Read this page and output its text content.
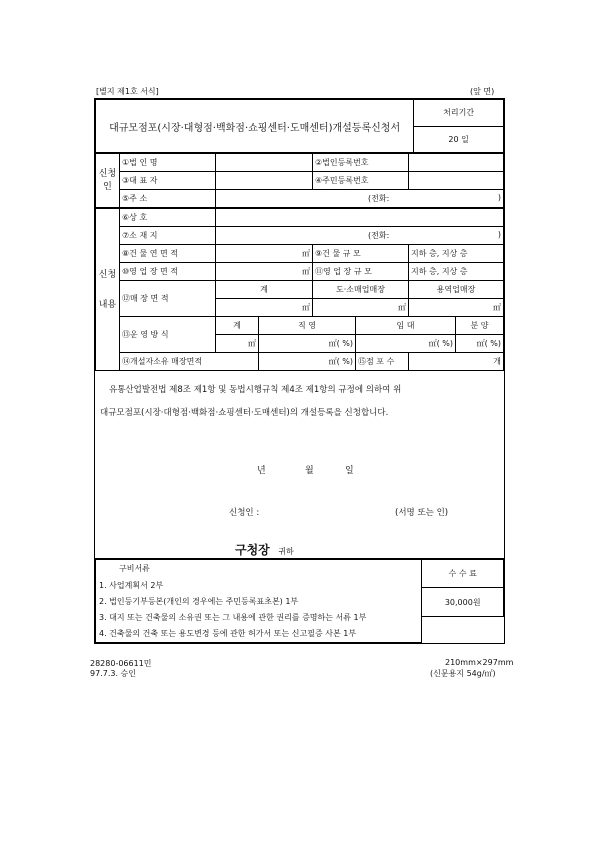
[별지 제1호 서식]	(앞 면)
대규모점포(시장·대형점·백화점·쇼핑센터·도매센터)개설등록신청서	처리기간
20 일
신청인	①법 인 명		②법인등록번호	
	③대 표 자		④주민등록번호	
	⑤주 소	(전화: )		
신청내용	⑥상 호						
	⑦소 재 지	(전화: )					

	⑧건 물 연 면 적	㎡		⑨건 물 규 모		지하 층, 지상 층	
	⑩영 업 장 면 적	㎡		⑪영 업 장 규 모		지하 층, 지상 층	
	⑫매 장 면 적	계		도·소매업매장		용역업매장	
		㎡		㎡		㎡	
	⑬운 영 방 식	계	직 영		임 대		분 양
		㎡	㎡( %)		㎡( %)		㎡( %)
	⑭개설자소유 매장면적		㎡( %)		⑮점 포 수	개	
유통산업발전법 제8조 제1항 및 동법시행규칙 제4조 제1항의 규정에 의하여 위
대규모점포(시장·대형점·백화점·쇼핑센터·도매센터)의 개설등록을 신청합니다.
년	월	일
신청인 :	(서명 또는 인)
구청장 귀하
구비서류
1. 사업계획서 2부
2. 법인등기부등본(개인의 경우에는 주민등록표초본) 1부
3. 대지 또는 건축물의 소유권 또는 그 내용에 관한 권리를 증명하는 서류 1부
4. 건축물의 건축 또는 용도변경 등에 관한 허가서 또는 신고필증 사본 1부
	수 수 료
30,000원

28280-06611민
97.7.3. 승인
210mm×297mm
(신문용지 54g/㎡)
